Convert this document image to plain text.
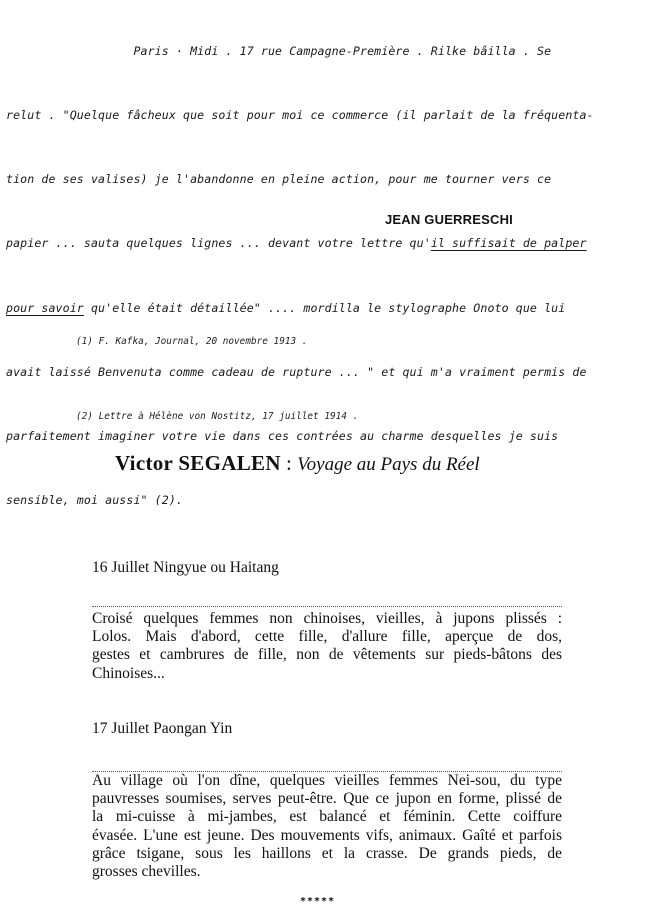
Paris · Midi . 17 rue Campagne-Première . Rilke bâilla . Se

relut . "Quelque fâcheux que soit pour moi ce commerce (il parlait de la fréquenta-

tion de ses valises) je l'abandonne en pleine action, pour me tourner vers ce

papier ... sauta quelques lignes ... devant votre lettre qu'il suffisait de palper

pour savoir qu'elle était détaillée" .... mordilla le stylographe Onoto que lui

avait laissé Benvenuta comme cadeau de rupture ... " et qui m'a vraiment permis de

parfaitement imaginer votre vie dans ces contrées au charme desquelles je suis

sensible, moi aussi" (2).

JEAN GUERRESCHI

(1) F. Kafka, Journal, 20 novembre 1913 .

(2) Lettre à Hélène von Nostitz, 17 juillet 1914 .

Victor SEGALEN : Voyage au Pays du Réel
16 Juillet Ningyue ou Haitang
Croisé quelques femmes non chinoises, vieilles, à jupons plissés :
Lolos. Mais d'abord, cette fille, d'allure fille, aperçue de dos,
gestes et cambrures de fille, non de vêtements sur pieds-bâtons des
Chinoises...
17 Juillet Paongan Yin
Au village où l'on dîne, quelques vieilles femmes Nei-sou, du type
pauvresses soumises, serves peut-être. Que ce jupon en forme, plissé de
la mi-cuisse à mi-jambes, est balancé et féminin. Cette coiffure
évasée. L'une est jeune. Des mouvements vifs, animaux. Gaîté et parfois
grâce tsigane, sous les haillons et la crasse. De grands pieds, de
grosses chevilles.
*****
